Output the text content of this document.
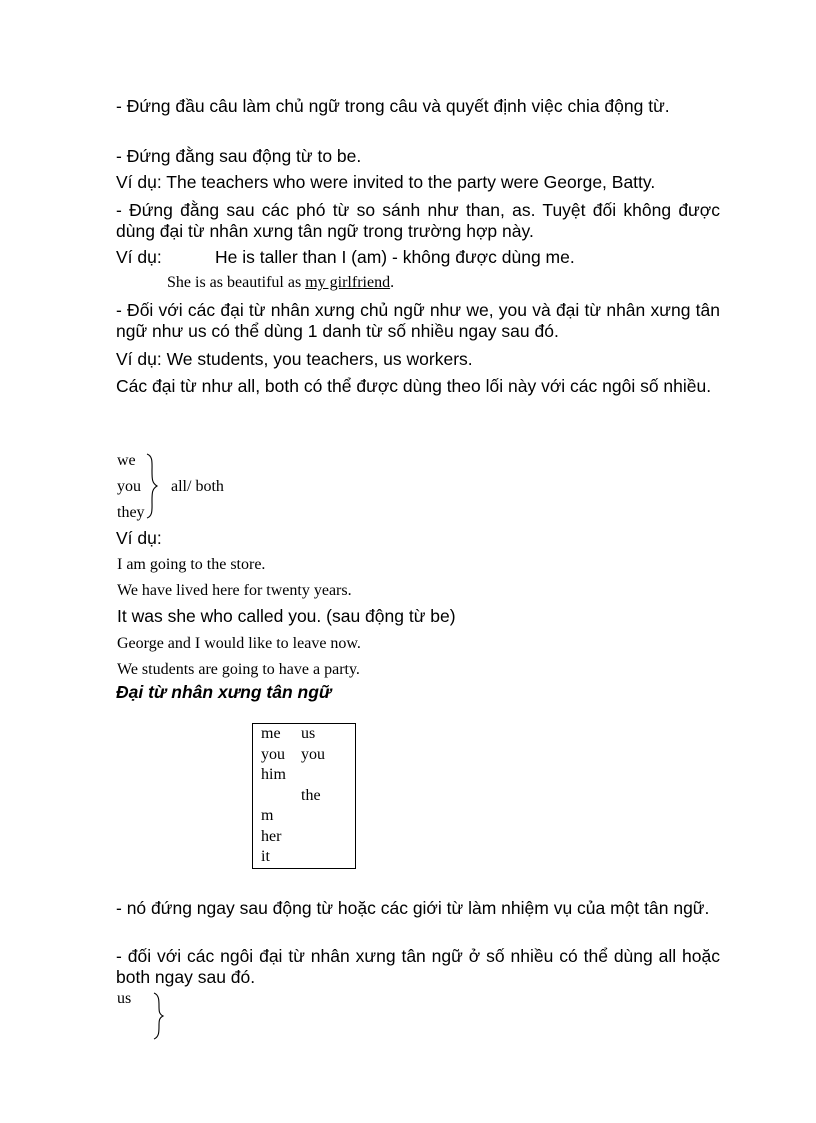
- Đứng đầu câu làm chủ ngữ trong câu và quyết định việc chia động từ.

- Đứng đằng sau động từ to be.

Ví dụ: The teachers who were invited to the party were George, Batty.

- Đứng đằng sau các phó từ so sánh như than, as. Tuyệt đối không được dùng đại từ nhân xưng tân ngữ trong trường hợp này.

Ví dụ:	He is taller than I (am) - không được dùng me.

She is as beautiful as my girlfriend.

- Đối với các đại từ nhân xưng chủ ngữ như we, you và đại từ nhân xưng tân ngữ như us có thể dùng 1 danh từ số nhiều ngay sau đó.

Ví dụ: We students, you teachers, us workers.

Các đại từ như all, both có thể được dùng theo lối này với các ngôi số nhiều.

we

you

they

all/ both

Ví dụ:

I am going to the store.

We have lived here for twenty years.

It was she who called you. (sau động từ be)

George and I would like to leave now.

We students are going to have a party.

Đại từ nhân xưng tân ngữ

me	us
you	you
him	
	the
m	
her	
it	

- nó đứng ngay sau động từ hoặc các giới từ làm nhiệm vụ của một tân ngữ.

- đối với các ngôi đại từ nhân xưng tân ngữ ở số nhiều có thể dùng all hoặc both ngay sau đó.

us
